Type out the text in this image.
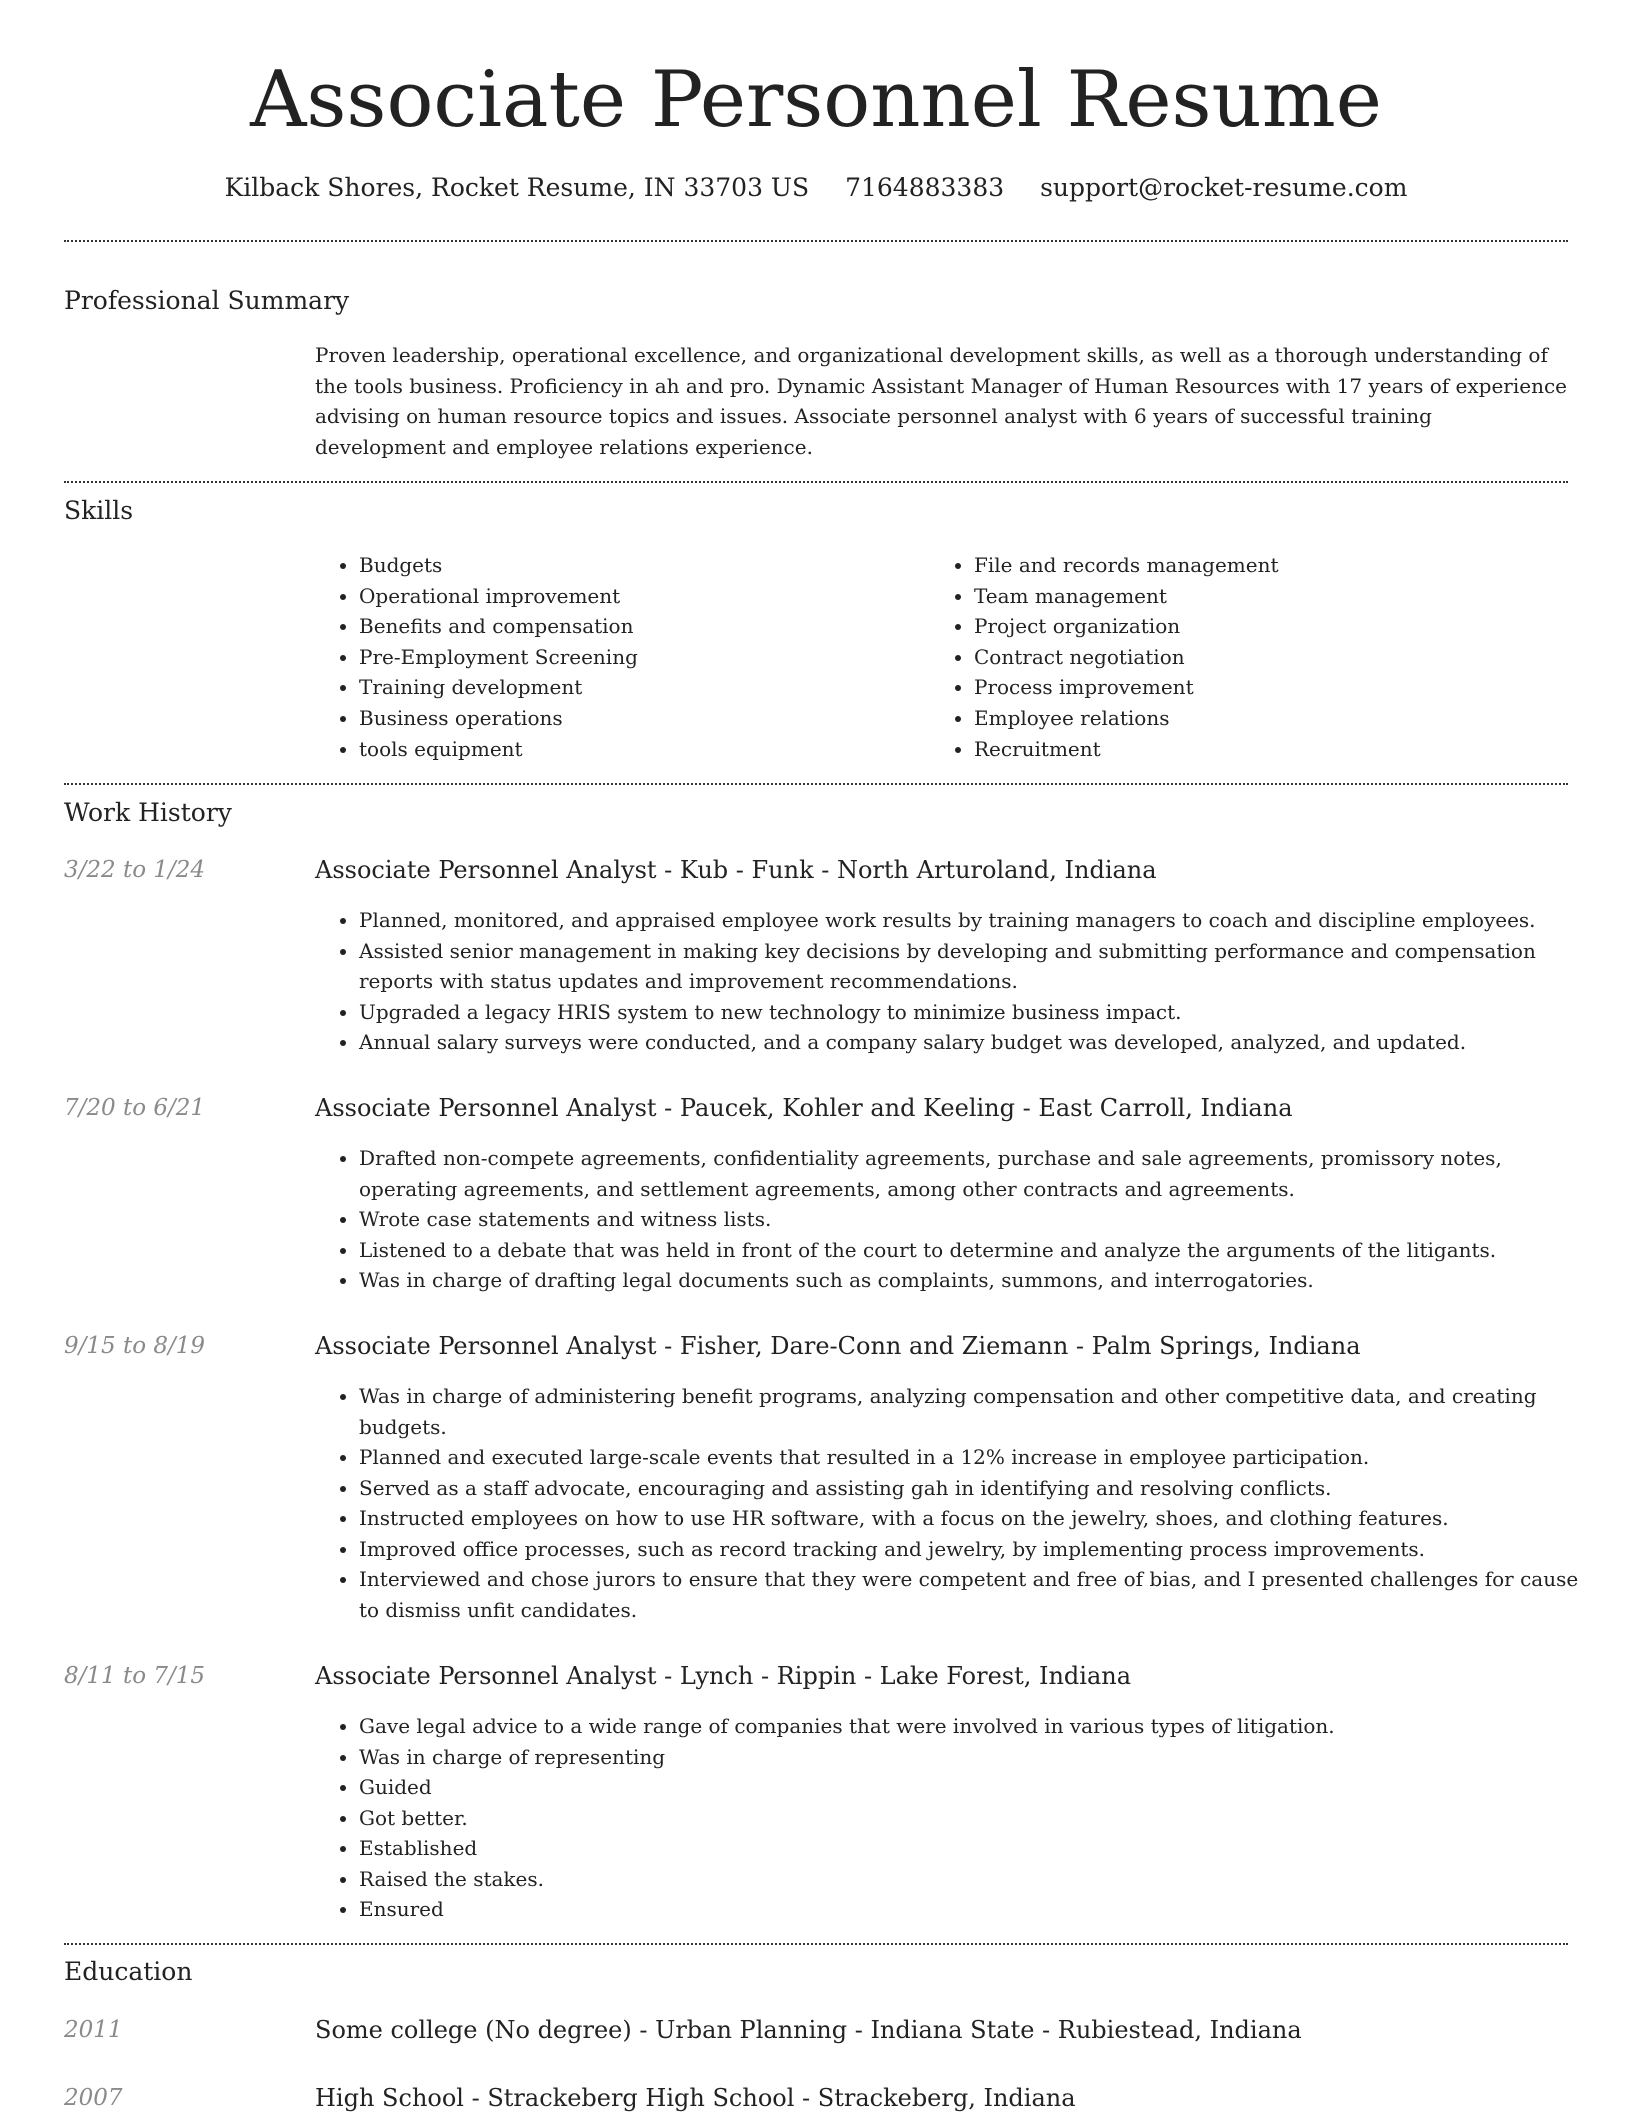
Associate Personnel Resume
Kilback Shores, Rocket Resume, IN 33703 US 7164883383 support@rocket-resume.com
Professional Summary
Proven leadership, operational excellence, and organizational development skills, as well as a thorough understanding of the tools business. Proficiency in ah and pro. Dynamic Assistant Manager of Human Resources with 17 years of experience advising on human resource topics and issues. Associate personnel analyst with 6 years of successful training development and employee relations experience.
Skills
• Budgets
• Operational improvement
• Benefits and compensation
• Pre-Employment Screening
• Training development
• Business operations
• tools equipment
• File and records management
• Team management
• Project organization
• Contract negotiation
• Process improvement
• Employee relations
• Recruitment
Work History
3/22 to 1/24	Associate Personnel Analyst - Kub - Funk - North Arturoland, Indiana
• Planned, monitored, and appraised employee work results by training managers to coach and discipline employees.
• Assisted senior management in making key decisions by developing and submitting performance and compensation reports with status updates and improvement recommendations.
• Upgraded a legacy HRIS system to new technology to minimize business impact.
• Annual salary surveys were conducted, and a company salary budget was developed, analyzed, and updated.
7/20 to 6/21	Associate Personnel Analyst - Paucek, Kohler and Keeling - East Carroll, Indiana
• Drafted non-compete agreements, confidentiality agreements, purchase and sale agreements, promissory notes, operating agreements, and settlement agreements, among other contracts and agreements.
• Wrote case statements and witness lists.
• Listened to a debate that was held in front of the court to determine and analyze the arguments of the litigants.
• Was in charge of drafting legal documents such as complaints, summons, and interrogatories.
9/15 to 8/19	Associate Personnel Analyst - Fisher, Dare-Conn and Ziemann - Palm Springs, Indiana
• Was in charge of administering benefit programs, analyzing compensation and other competitive data, and creating budgets.
• Planned and executed large-scale events that resulted in a 12% increase in employee participation.
• Served as a staff advocate, encouraging and assisting gah in identifying and resolving conflicts.
• Instructed employees on how to use HR software, with a focus on the jewelry, shoes, and clothing features.
• Improved office processes, such as record tracking and jewelry, by implementing process improvements.
• Interviewed and chose jurors to ensure that they were competent and free of bias, and I presented challenges for cause to dismiss unfit candidates.
8/11 to 7/15	Associate Personnel Analyst - Lynch - Rippin - Lake Forest, Indiana
• Gave legal advice to a wide range of companies that were involved in various types of litigation.
• Was in charge of representing
• Guided
• Got better.
• Established
• Raised the stakes.
• Ensured
Education
2011	Some college (No degree) - Urban Planning - Indiana State - Rubiestead, Indiana
2007	High School - Strackeberg High School - Strackeberg, Indiana
